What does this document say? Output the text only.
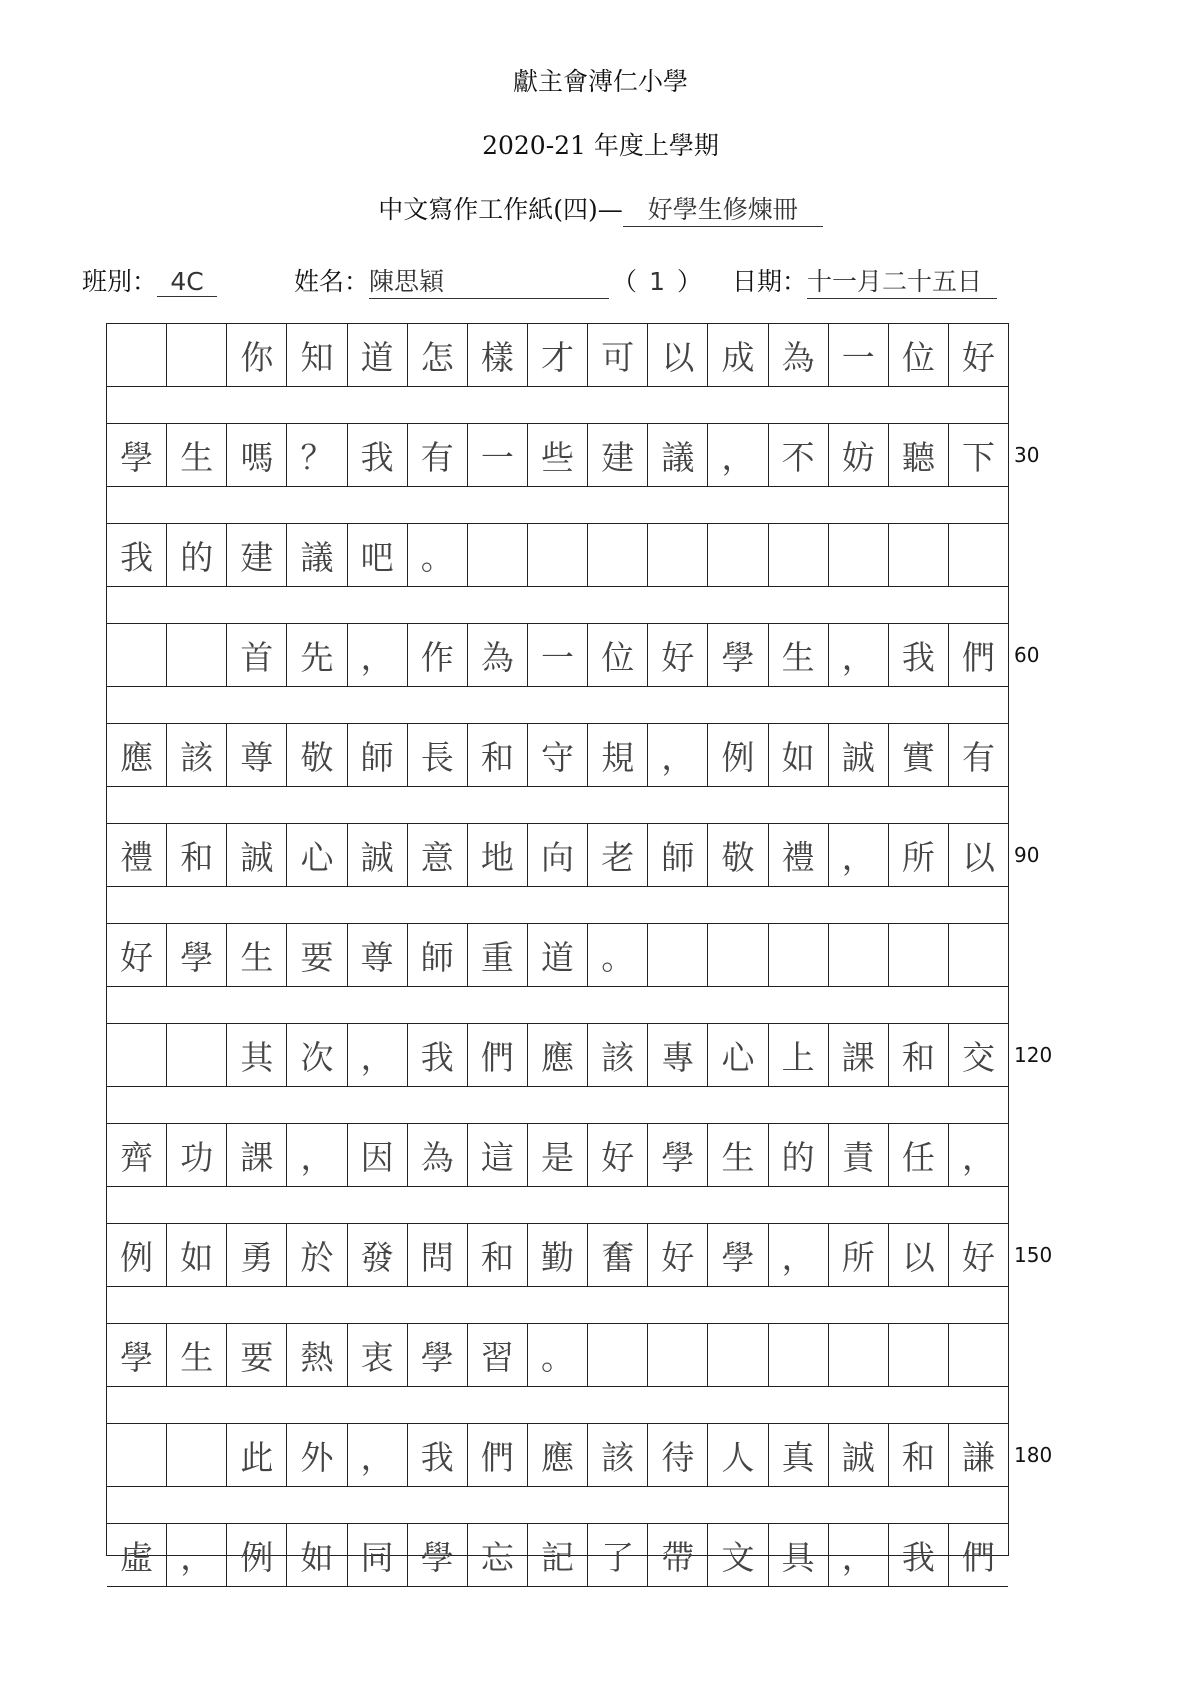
獻主會溥仁小學
2020-21 年度上學期
中文寫作工作紙(四)— 好學生修煉冊
班別： 4C	姓名：陳思穎	（ 1 ） 日期：十一月二十五日
你 知 道 怎 樣 才 可 以 成 為 一 位 好
學 生 嗎 ？ 我 有 一 些 建 議 ， 不 妨 聽 下
我 的 建 議 吧 。
首 先 ， 作 為 一 位 好 學 生 ， 我 們
應 該 尊 敬 師 長 和 守 規 ， 例 如 誠 實 有
禮 和 誠 心 誠 意 地 向 老 師 敬 禮 ， 所 以
好 學 生 要 尊 師 重 道 。
其 次 ， 我 們 應 該 專 心 上 課 和 交
齊 功 課 ， 因 為 這 是 好 學 生 的 責 任 ，
例 如 勇 於 發 問 和 勤 奮 好 學 ， 所 以 好
學 生 要 熱 衷 學 習 。
此 外 ， 我 們 應 該 待 人 真 誠 和 謙
虛 ， 例 如 同 學 忘 記 了 帶 文 具 ， 我 們
30
60
90
120
150
180
